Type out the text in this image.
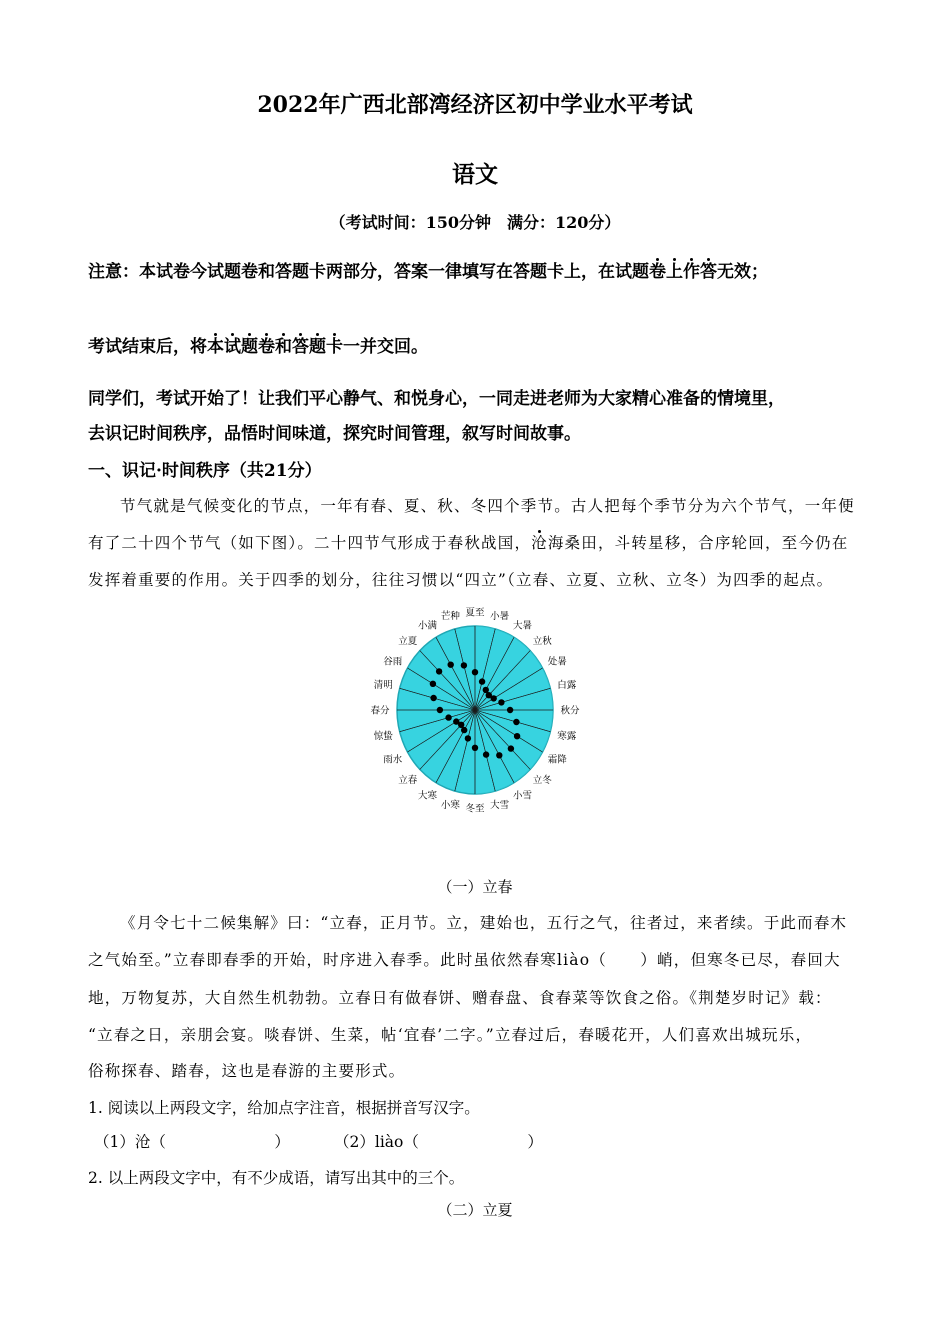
2022年广西北部湾经济区初中学业水平考试
语文
（考试时间：150分钟　满分：120分）
注意：本试卷今试题卷和答题卡两部分，答案一律填写在答题卡上，在试题卷上作答无效；
考试结束后，将本试题卷和答题卡一并交回。
同学们，考试开始了！让我们平心静气、和悦身心，一同走进老师为大家精心准备的情境里，
去识记时间秩序，品悟时间味道，探究时间管理，叙写时间故事。
一、识记·时间秩序（共21分）
节气就是气候变化的节点，一年有春、夏、秋、冬四个季节。古人把每个季节分为六个节气，一年便
有了二十四个节气（如下图）。二十四节气形成于春秋战国，沧海桑田，斗转星移，合序轮回，至今仍在
发挥着重要的作用。关于四季的划分，往往习惯以“四立”（立春、立夏、立秋、立冬）为四季的起点。
夏至 小暑
大暑
立秋
处暑
白露
秋分
寒露
霜降
立冬
小雪
大雪
冬至
小寒
大寒
立春
雨水
惊蛰
春分
清明
谷雨
立夏
小满
芒种
（一）立春
《月令七十二候集解》曰：“立春，正月节。立，建始也，五行之气，往者过，来者续。于此而春木
之气始至。”立春即春季的开始，时序进入春季。此时虽依然春寒liào（　　）峭，但寒冬已尽，春回大
地，万物复苏，大自然生机勃勃。立春日有做春饼、赠春盘、食春菜等饮食之俗。《荆楚岁时记》载：
“立春之日，亲朋会宴。啖春饼、生菜，帖‘宜春’二字。”立春过后，春暖花开，人们喜欢出城玩乐，
俗称探春、踏春，这也是春游的主要形式。
1. 阅读以上两段文字，给加点字注音，根据拼音写汉字。
（1）沧（　　　　　　　）	（2）liào（　　　　　　　）
2. 以上两段文字中，有不少成语，请写出其中的三个。
（二）立夏
